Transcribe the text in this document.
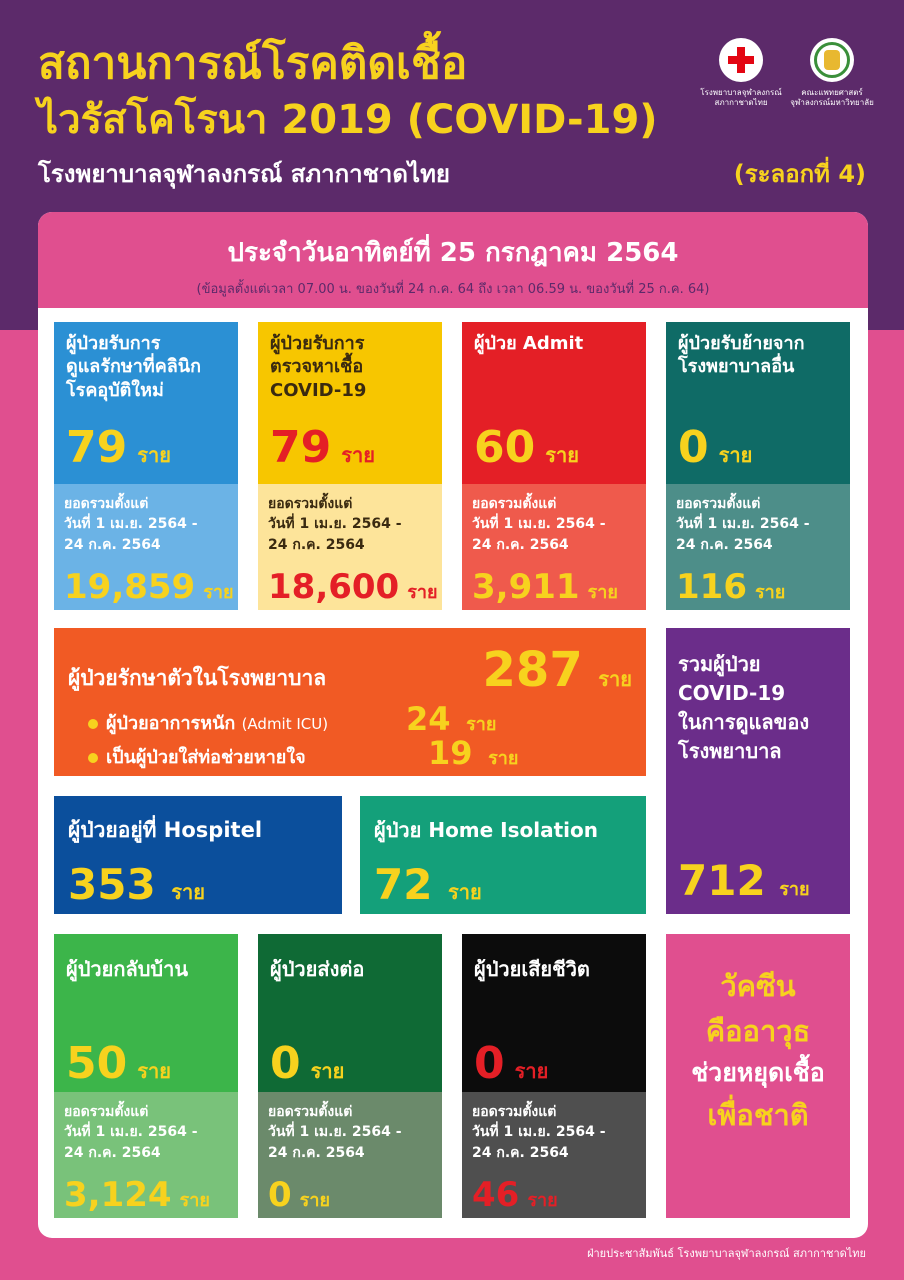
สถานการณ์โรคติดเชื้อ
ไวรัสโคโรนา 2019 (COVID-19)
โรงพยาบาลจุฬาลงกรณ์ สภากาชาดไทย	(ระลอกที่ 4)
โรงพยาบาลจุฬาลงกรณ์ สภากาชาดไทย
คณะแพทยศาสตร์ จุฬาลงกรณ์มหาวิทยาลัย
ประจำวันอาทิตย์ที่ 25 กรกฎาคม 2564
(ข้อมูลตั้งแต่เวลา 07.00 น. ของวันที่ 24 ก.ค. 64 ถึง เวลา 06.59 น. ของวันที่ 25 ก.ค. 64)
ผู้ป่วยรับการ
ดูแลรักษาที่คลินิก
โรคอุบัติใหม่
79 ราย
ยอดรวมตั้งแต่
วันที่ 1 เม.ย. 2564 -
24 ก.ค. 2564
19,859 ราย
ผู้ป่วยรับการ
ตรวจหาเชื้อ
COVID-19
79 ราย
ยอดรวมตั้งแต่
วันที่ 1 เม.ย. 2564 -
24 ก.ค. 2564
18,600 ราย
ผู้ป่วย Admit
60 ราย
ยอดรวมตั้งแต่
วันที่ 1 เม.ย. 2564 -
24 ก.ค. 2564
3,911 ราย
ผู้ป่วยรับย้ายจาก
โรงพยาบาลอื่น
0 ราย
ยอดรวมตั้งแต่
วันที่ 1 เม.ย. 2564 -
24 ก.ค. 2564
116 ราย
ผู้ป่วยรักษาตัวในโรงพยาบาล	287 ราย
ผู้ป่วยอาการหนัก (Admit ICU) 24 ราย
เป็นผู้ป่วยใส่ท่อช่วยหายใจ	19 ราย
รวมผู้ป่วย
COVID-19
ในการดูแลของ
โรงพยาบาล
712 ราย
ผู้ป่วยอยู่ที่ Hospitel
353 ราย
ผู้ป่วย Home Isolation
72 ราย
ผู้ป่วยกลับบ้าน
50 ราย
ยอดรวมตั้งแต่
วันที่ 1 เม.ย. 2564 -
24 ก.ค. 2564
3,124 ราย
ผู้ป่วยส่งต่อ
0 ราย
ยอดรวมตั้งแต่
วันที่ 1 เม.ย. 2564 -
24 ก.ค. 2564
0 ราย
ผู้ป่วยเสียชีวิต
0 ราย
ยอดรวมตั้งแต่
วันที่ 1 เม.ย. 2564 -
24 ก.ค. 2564
46 ราย
วัคซีน
คืออาวุธ
ช่วยหยุดเชื้อ
เพื่อชาติ
ฝ่ายประชาสัมพันธ์ โรงพยาบาลจุฬาลงกรณ์ สภากาชาดไทย
